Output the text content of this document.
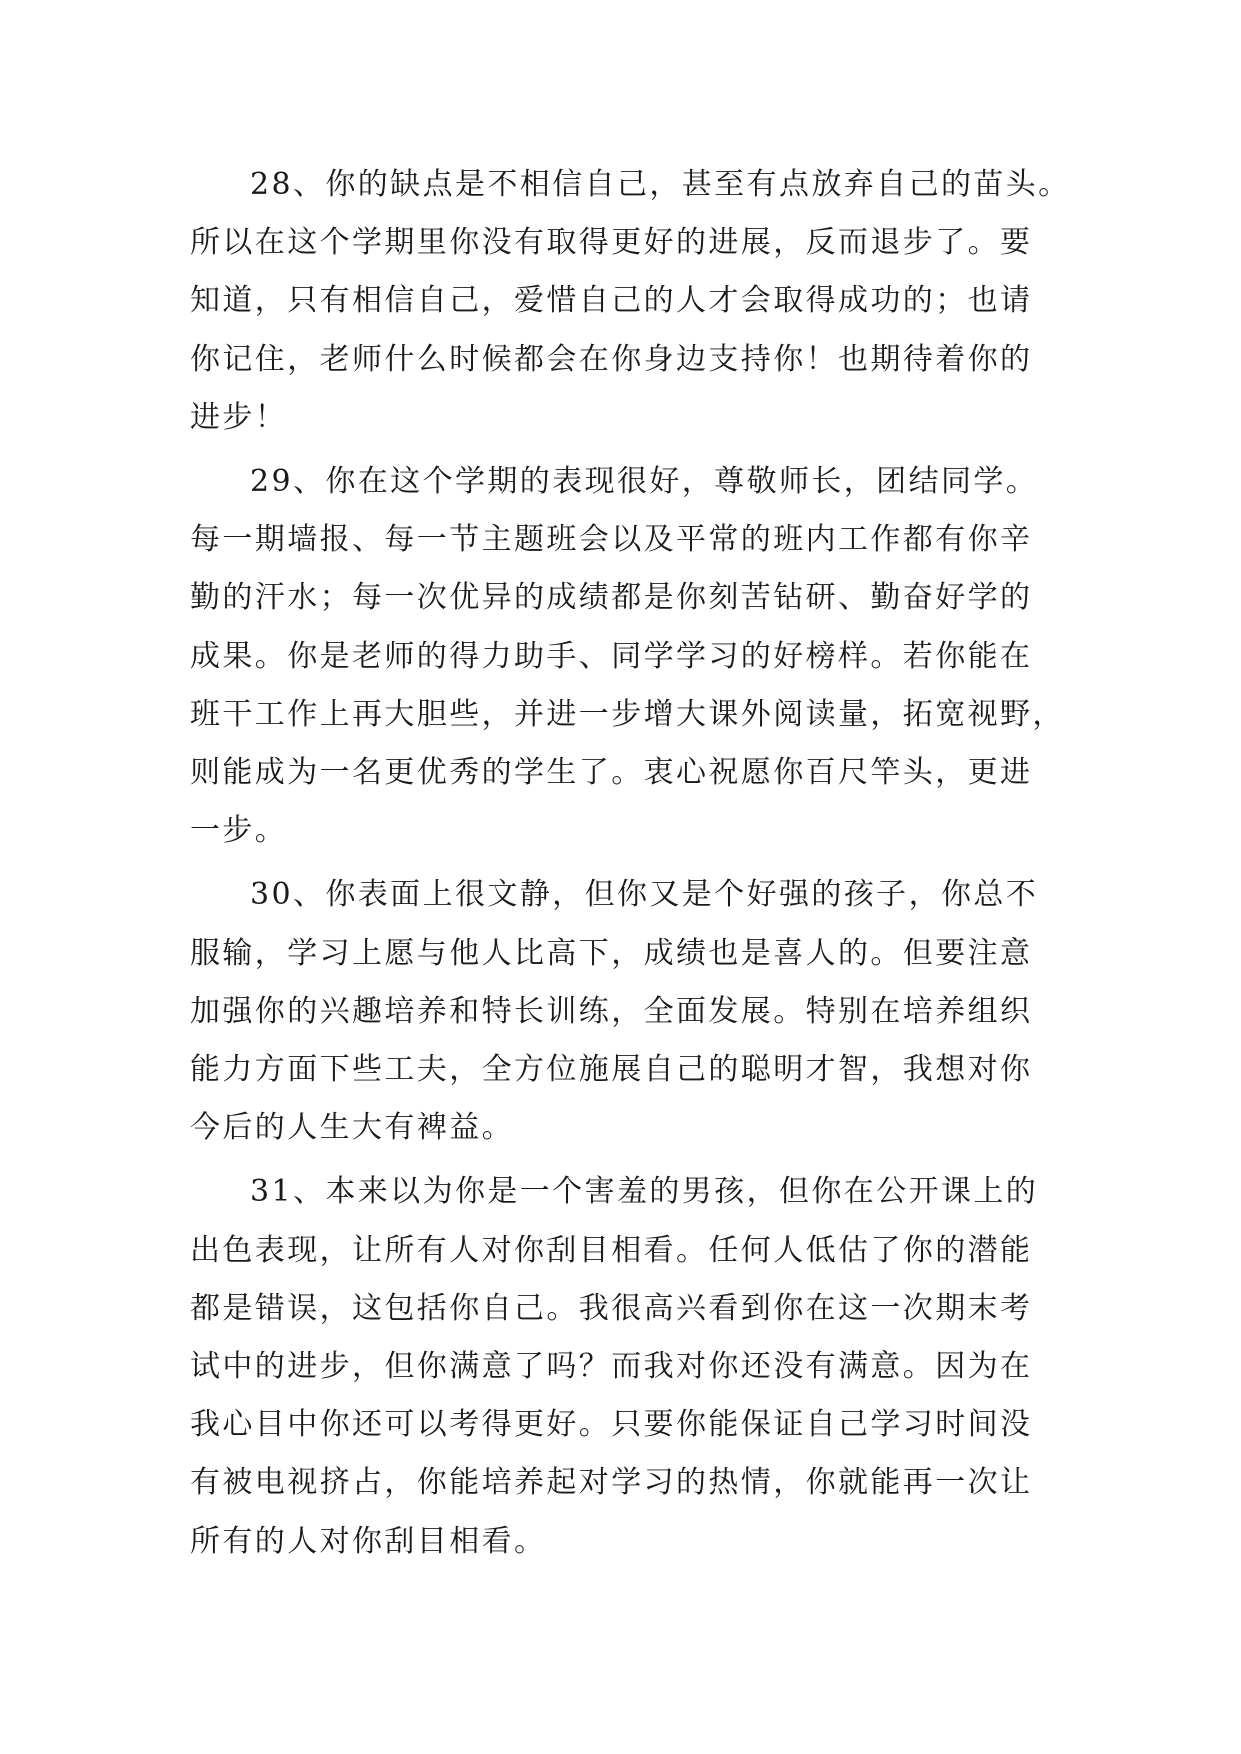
28、你的缺点是不相信自己，甚至有点放弃自己的苗头。
所以在这个学期里你没有取得更好的进展，反而退步了。要
知道，只有相信自己，爱惜自己的人才会取得成功的；也请
你记住，老师什么时候都会在你身边支持你！也期待着你的
进步！

29、你在这个学期的表现很好，尊敬师长，团结同学。
每一期墙报、每一节主题班会以及平常的班内工作都有你辛
勤的汗水；每一次优异的成绩都是你刻苦钻研、勤奋好学的
成果。你是老师的得力助手、同学学习的好榜样。若你能在
班干工作上再大胆些，并进一步增大课外阅读量，拓宽视野，
则能成为一名更优秀的学生了。衷心祝愿你百尺竿头，更进
一步。

30、你表面上很文静，但你又是个好强的孩子，你总不
服输，学习上愿与他人比高下，成绩也是喜人的。但要注意
加强你的兴趣培养和特长训练，全面发展。特别在培养组织
能力方面下些工夫，全方位施展自己的聪明才智，我想对你
今后的人生大有裨益。

31、本来以为你是一个害羞的男孩，但你在公开课上的
出色表现，让所有人对你刮目相看。任何人低估了你的潜能
都是错误，这包括你自己。我很高兴看到你在这一次期末考
试中的进步，但你满意了吗？而我对你还没有满意。因为在
我心目中你还可以考得更好。只要你能保证自己学习时间没
有被电视挤占，你能培养起对学习的热情，你就能再一次让
所有的人对你刮目相看。
